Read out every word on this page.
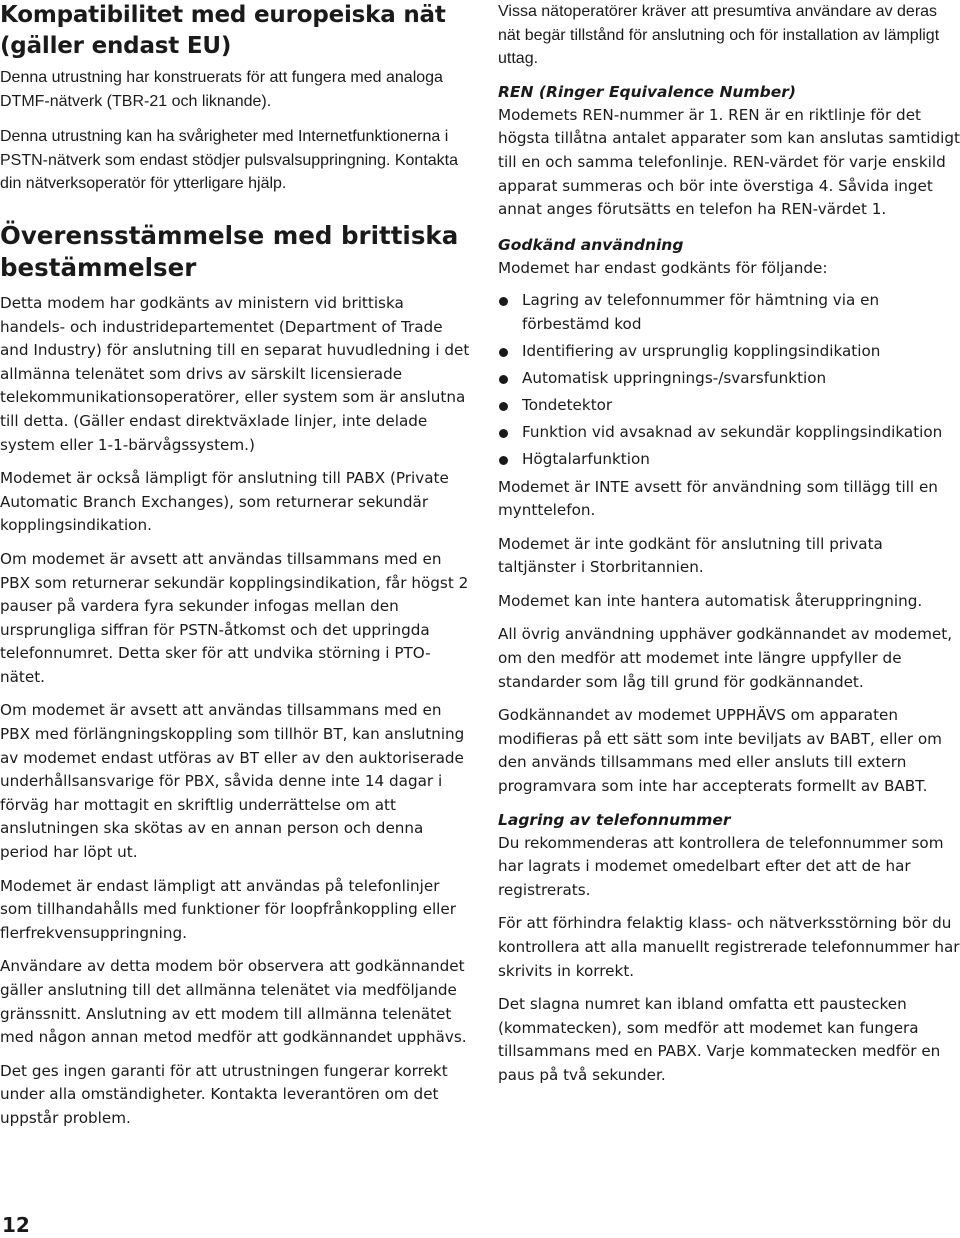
Kompatibilitet med europeiska nät (gäller endast EU)

Denna utrustning har konstruerats för att fungera med analoga DTMF-nätverk (TBR-21 och liknande).

Denna utrustning kan ha svårigheter med Internetfunktionerna i PSTN-nätverk som endast stödjer pulsvalsuppringning. Kontakta din nätverksoperatör för ytterligare hjälp.

Överensstämmelse med brittiska bestämmelser

Detta modem har godkänts av ministern vid brittiska handels- och industridepartementet (Department of Trade and Industry) för anslutning till en separat huvudledning i det allmänna telenätet som drivs av särskilt licensierade telekommunikationsoperatörer, eller system som är anslutna till detta. (Gäller endast direktväxlade linjer, inte delade system eller 1-1-bärvågssystem.)

Modemet är också lämpligt för anslutning till PABX (Private Automatic Branch Exchanges), som returnerar sekundär kopplingsindikation.

Om modemet är avsett att användas tillsammans med en PBX som returnerar sekundär kopplingsindikation, får högst 2 pauser på vardera fyra sekunder infogas mellan den ursprungliga siffran för PSTN-åtkomst och det uppringda telefonnumret. Detta sker för att undvika störning i PTO-nätet.

Om modemet är avsett att användas tillsammans med en PBX med förlängningskoppling som tillhör BT, kan anslutning av modemet endast utföras av BT eller av den auktoriserade underhållsansvarige för PBX, såvida denne inte 14 dagar i förväg har mottagit en skriftlig underrättelse om att anslutningen ska skötas av en annan person och denna period har löpt ut.

Modemet är endast lämpligt att användas på telefonlinjer som tillhandahålls med funktioner för loopfrånkoppling eller flerfrekvensuppringning.

Användare av detta modem bör observera att godkännandet gäller anslutning till det allmänna telenätet via medföljande gränssnitt. Anslutning av ett modem till allmänna telenätet med någon annan metod medför att godkännandet upphävs.

Det ges ingen garanti för att utrustningen fungerar korrekt under alla omständigheter. Kontakta leverantören om det uppstår problem.

12

Vissa nätoperatörer kräver att presumtiva användare av deras nät begär tillstånd för anslutning och för installation av lämpligt uttag.

REN (Ringer Equivalence Number)

Modemets REN-nummer är 1. REN är en riktlinje för det högsta tillåtna antalet apparater som kan anslutas samtidigt till en och samma telefonlinje. REN-värdet för varje enskild apparat summeras och bör inte överstiga 4. Såvida inget annat anges förutsätts en telefon ha REN-värdet 1.

Godkänd användning

Modemet har endast godkänts för följande:

Lagring av telefonnummer för hämtning via en förbestämd kod
Identifiering av ursprunglig kopplingsindikation
Automatisk uppringnings-/svarsfunktion
Tondetektor
Funktion vid avsaknad av sekundär kopplingsindikation
Högtalarfunktion

Modemet är INTE avsett för användning som tillägg till en mynttelefon.

Modemet är inte godkänt för anslutning till privata taltjänster i Storbritannien.

Modemet kan inte hantera automatisk återuppringning.

All övrig användning upphäver godkännandet av modemet, om den medför att modemet inte längre uppfyller de standarder som låg till grund för godkännandet.

Godkännandet av modemet UPPHÄVS om apparaten modifieras på ett sätt som inte beviljats av BABT, eller om den används tillsammans med eller ansluts till extern programvara som inte har accepterats formellt av BABT.

Lagring av telefonnummer

Du rekommenderas att kontrollera de telefonnummer som har lagrats i modemet omedelbart efter det att de har registrerats.

För att förhindra felaktig klass- och nätverksstörning bör du kontrollera att alla manuellt registrerade telefonnummer har skrivits in korrekt.

Det slagna numret kan ibland omfatta ett paustecken (kommatecken), som medför att modemet kan fungera tillsammans med en PABX. Varje kommatecken medför en paus på två sekunder.
